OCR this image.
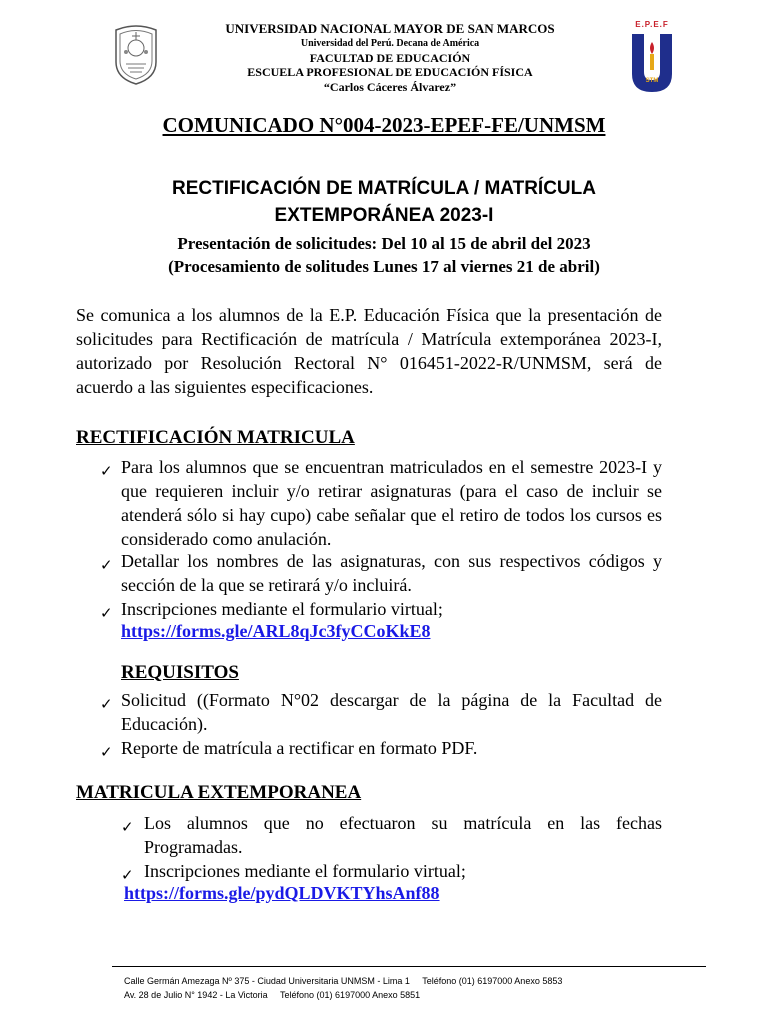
UNIVERSIDAD NACIONAL MAYOR DE SAN MARCOS
Universidad del Perú. Decana de América
FACULTAD DE EDUCACIÓN
ESCUELA PROFESIONAL DE EDUCACIÓN FÍSICA
“Carlos Cáceres Álvarez”
E.P.E.F
STM
COMUNICADO N°004-2023-EPEF-FE/UNMSM
RECTIFICACIÓN DE MATRÍCULA / MATRÍCULA
EXTEMPORÁNEA 2023-I
Presentación de solicitudes: Del 10 al 15 de abril del 2023
(Procesamiento de solitudes Lunes 17 al viernes 21 de abril)
Se comunica a los alumnos de la E.P. Educación Física que la presentación de solicitudes para Rectificación de matrícula / Matrícula extemporánea 2023-I, autorizado por Resolución Rectoral N° 016451-2022-R/UNMSM, será de acuerdo a las siguientes especificaciones.
RECTIFICACIÓN MATRICULA
✓ Para los alumnos que se encuentran matriculados en el semestre 2023-I y que requieren incluir y/o retirar asignaturas (para el caso de incluir se atenderá sólo si hay cupo) cabe señalar que el retiro de todos los cursos es considerado como anulación.
✓ Detallar los nombres de las asignaturas, con sus respectivos códigos y sección de la que se retirará y/o incluirá.
✓ Inscripciones mediante el formulario virtual;
https://forms.gle/ARL8qJc3fyCCoKkE8
REQUISITOS
✓ Solicitud ((Formato N°02 descargar de la página de la Facultad de Educación).
✓ Reporte de matrícula a rectificar en formato PDF.
MATRICULA EXTEMPORANEA
✓ Los alumnos que no efectuaron su matrícula en las fechas Programadas.
✓ Inscripciones mediante el formulario virtual;
https://forms.gle/pydQLDVKTYhsAnf88
Calle Germán Amezaga Nº 375 - Ciudad Universitaria UNMSM - Lima 1     Teléfono (01) 6197000 Anexo 5853
Av. 28 de Julio N° 1942 - La Victoria     Teléfono (01) 6197000 Anexo 5851
